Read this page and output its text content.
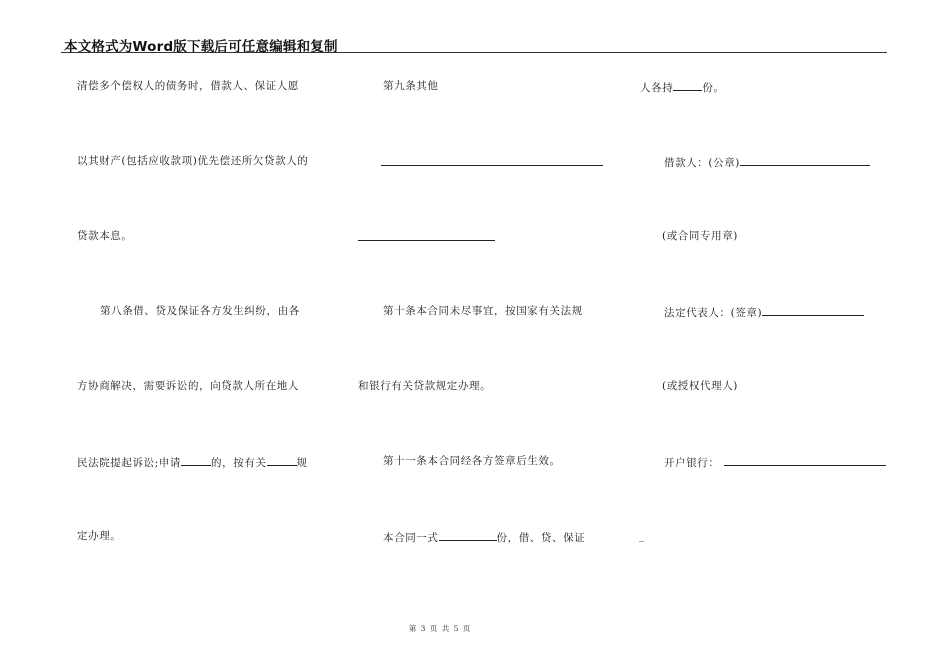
本文格式为Word版下载后可任意编辑和复制
清偿多个偿权人的债务时，借款人、保证人愿
以其财产(包括应收款项)优先偿还所欠贷款人的
贷款本息。
第八条借、贷及保证各方发生纠纷，由各
方协商解决，需要诉讼的，向贷款人所在地人
民法院提起诉讼;申请	的，按有关	规
定办理。
第九条其他
第十条本合同未尽事宜，按国家有关法规
和银行有关贷款规定办理。
第十一条本合同经各方签章后生效。
本合同一式	份，借、贷、保证
人各持	份。
借款人：(公章)
(或合同专用章)
法定代表人：(签章)
(或授权代理人)
开户银行：
_
第 3 页 共 5 页
